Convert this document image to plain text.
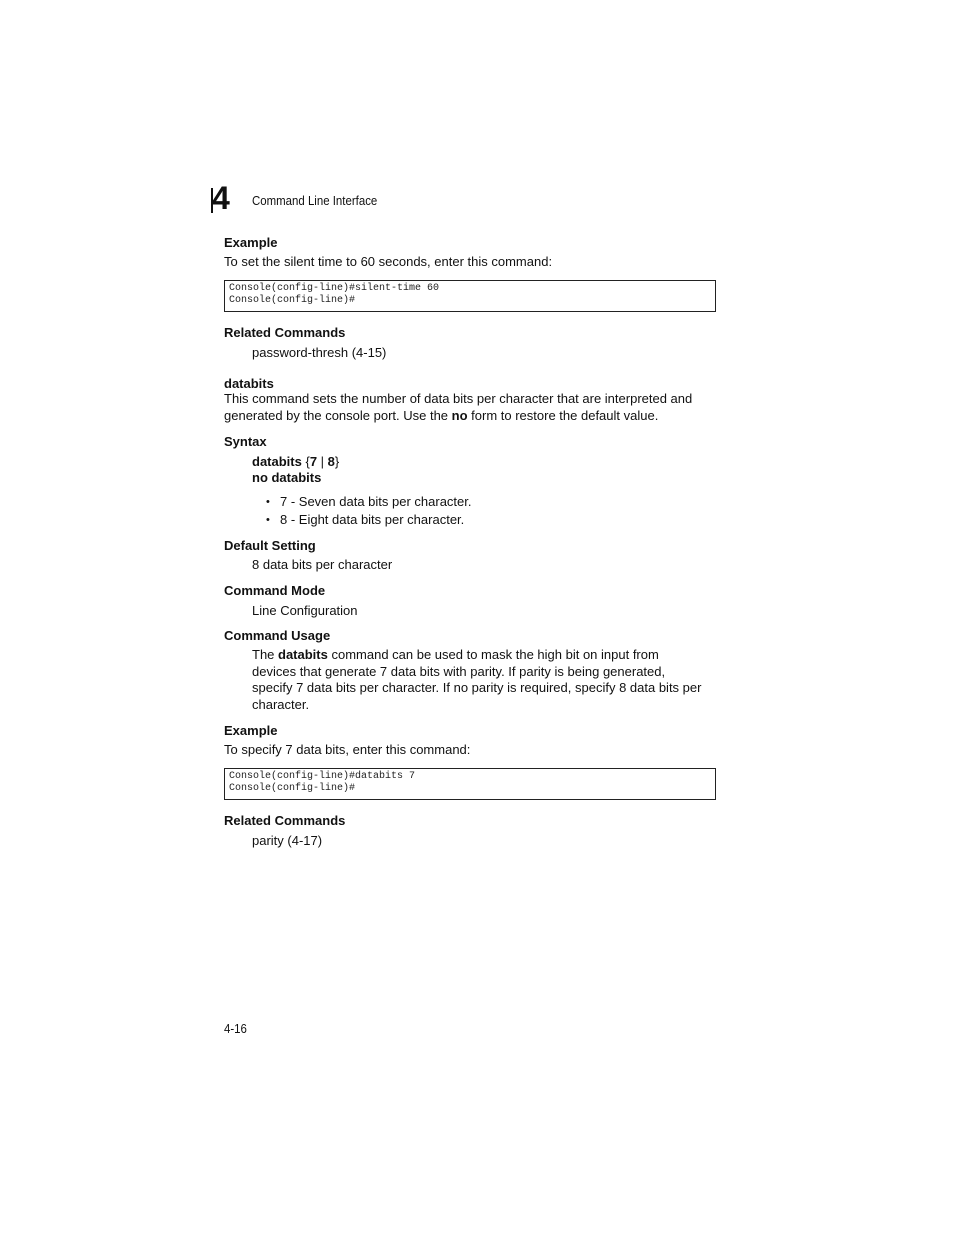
4 Command Line Interface
Example
To set the silent time to 60 seconds, enter this command:
Console(config-line)#silent-time 60
Console(config-line)#
Related Commands
password-thresh (4-15)
databits
This command sets the number of data bits per character that are interpreted and
generated by the console port. Use the no form to restore the default value.
Syntax
databits {7 | 8}
no databits
• 7 - Seven data bits per character.
• 8 - Eight data bits per character.
Default Setting
8 data bits per character
Command Mode
Line Configuration
Command Usage
The databits command can be used to mask the high bit on input from
devices that generate 7 data bits with parity. If parity is being generated,
specify 7 data bits per character. If no parity is required, specify 8 data bits per
character.
Example
To specify 7 data bits, enter this command:
Console(config-line)#databits 7
Console(config-line)#
Related Commands
parity (4-17)
4-16
